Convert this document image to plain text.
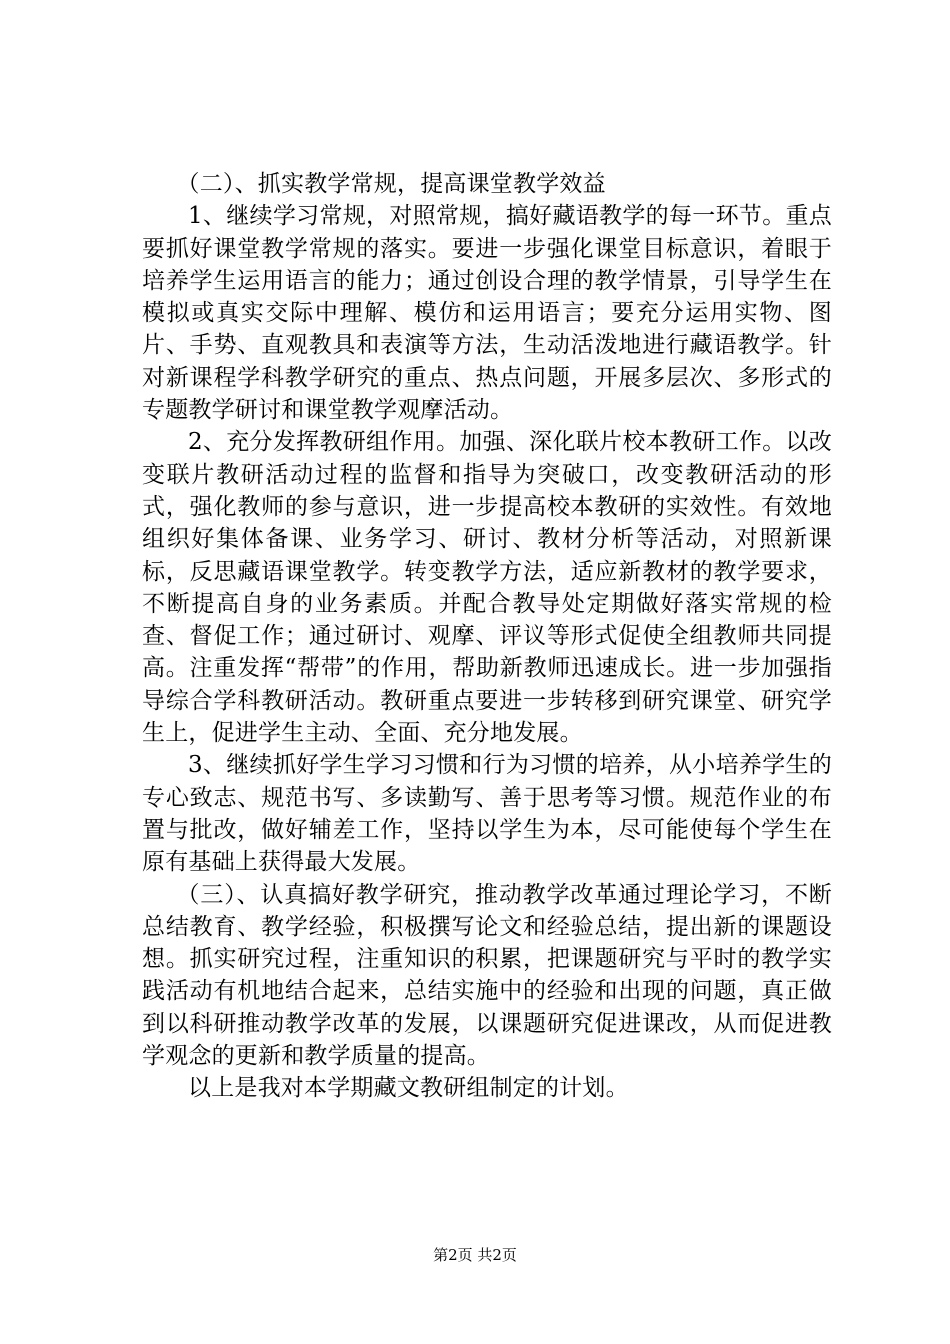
（二）、抓实教学常规，提高课堂教学效益

1、继续学习常规，对照常规，搞好藏语教学的每一环节。重点要抓好课堂教学常规的落实。要进一步强化课堂目标意识，着眼于培养学生运用语言的能力；通过创设合理的教学情景，引导学生在模拟或真实交际中理解、模仿和运用语言；要充分运用实物、图片、手势、直观教具和表演等方法，生动活泼地进行藏语教学。针对新课程学科教学研究的重点、热点问题，开展多层次、多形式的专题教学研讨和课堂教学观摩活动。

2、充分发挥教研组作用。加强、深化联片校本教研工作。以改变联片教研活动过程的监督和指导为突破口，改变教研活动的形式，强化教师的参与意识，进一步提高校本教研的实效性。有效地组织好集体备课、业务学习、研讨、教材分析等活动，对照新课标，反思藏语课堂教学。转变教学方法，适应新教材的教学要求，不断提高自身的业务素质。并配合教导处定期做好落实常规的检查、督促工作；通过研讨、观摩、评议等形式促使全组教师共同提高。注重发挥“帮带”的作用，帮助新教师迅速成长。进一步加强指导综合学科教研活动。教研重点要进一步转移到研究课堂、研究学生上，促进学生主动、全面、充分地发展。

3、继续抓好学生学习习惯和行为习惯的培养，从小培养学生的专心致志、规范书写、多读勤写、善于思考等习惯。规范作业的布置与批改，做好辅差工作，坚持以学生为本，尽可能使每个学生在原有基础上获得最大发展。

（三）、认真搞好教学研究，推动教学改革通过理论学习，不断总结教育、教学经验，积极撰写论文和经验总结，提出新的课题设想。抓实研究过程，注重知识的积累，把课题研究与平时的教学实践活动有机地结合起来，总结实施中的经验和出现的问题，真正做到以科研推动教学改革的发展，以课题研究促进课改，从而促进教学观念的更新和教学质量的提高。

以上是我对本学期藏文教研组制定的计划。

第2页 共2页
